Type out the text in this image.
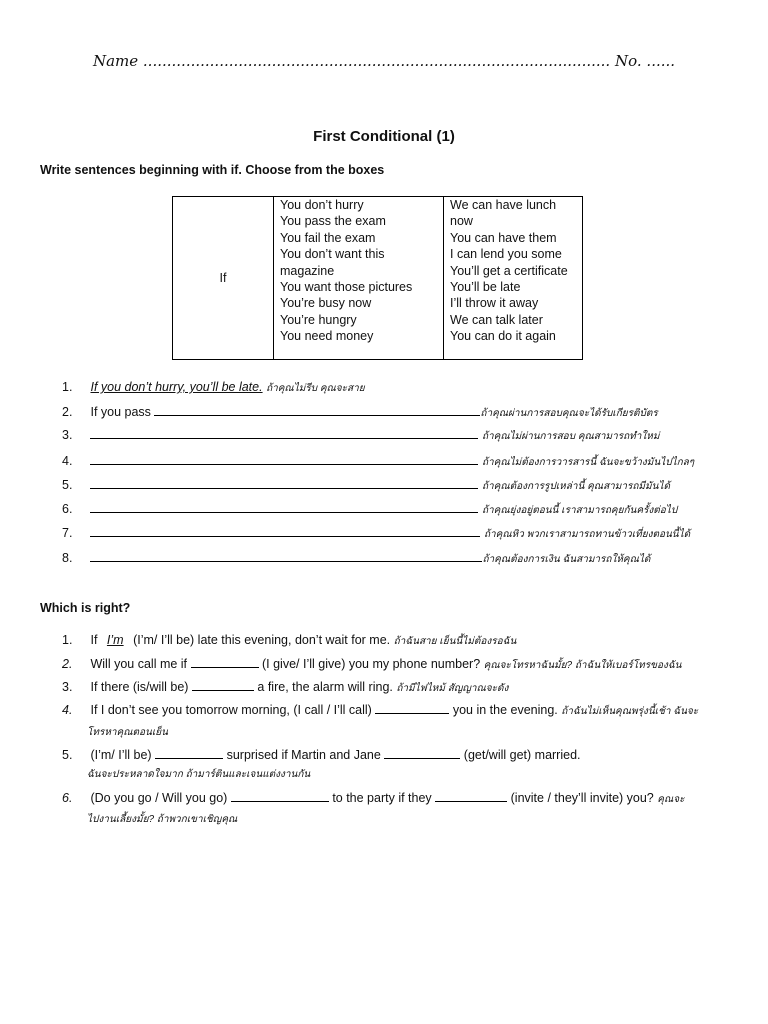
Name .................................................................................................. No. ......
First Conditional (1)
Write sentences beginning with if. Choose from the boxes
If	
You don’t hurry
You pass the exam
You fail the exam
You don’t want this
magazine
You want those pictures
You’re busy now
You’re hungry
You need money

We can have lunch
now
You can have them
I can lend you some
You’ll get a certificate
You’ll be late
I’ll throw it away
We can talk later
You can do it again
1. If you don’t hurry, you’ll be late. ถ้าคุณไม่รีบ คุณจะสาย
2. If you pass	ถ้าคุณผ่านการสอบคุณจะได้รับเกียรติบัตร
3.	ถ้าคุณไม่ผ่านการสอบ คุณสามารถทำใหม่
4.	ถ้าคุณไม่ต้องการวารสารนี้ ฉันจะขว้างมันไปไกลๆ
5.	ถ้าคุณต้องการรูปเหล่านี้ คุณสามารถมีมันได้
6.	ถ้าคุณยุ่งอยู่ตอนนี้ เราสามารถคุยกันครั้งต่อไป
7.	ถ้าคุณหิว พวกเราสามารถทานข้าวเที่ยงตอนนี้ได้
8.	ถ้าคุณต้องการเงิน ฉันสามารถให้คุณได้
Which is right?
1. If I’m (I’m/ I’ll be) late this evening, don’t wait for me. ถ้าฉันสาย เย็นนี้ไม่ต้องรอฉัน
2. Will you call me if	(I give/ I’ll give) you my phone number? คุณจะโทรหาฉันมั้ย? ถ้าฉันให้เบอร์โทรของฉัน
3. If there (is/will be)	a fire, the alarm will ring. ถ้ามีไฟไหม้ สัญญาณจะดัง
4. If I don’t see you tomorrow morning, (I call / I’ll call)	you in the evening. ถ้าฉันไม่เห็นคุณพรุ่งนี้เช้า ฉันจะ
โทรหาคุณตอนเย็น
5. (I’m/ I’ll be)	surprised if Martin and Jane	(get/will get) married.
ฉันจะประหลาดใจมาก ถ้ามาร์ตินและเจนแต่งงานกัน
6. (Do you go / Will you go)	to the party if they	(invite / they’ll invite) you? คุณจะ
ไปงานเลี้ยงมั้ย? ถ้าพวกเขาเชิญคุณ
